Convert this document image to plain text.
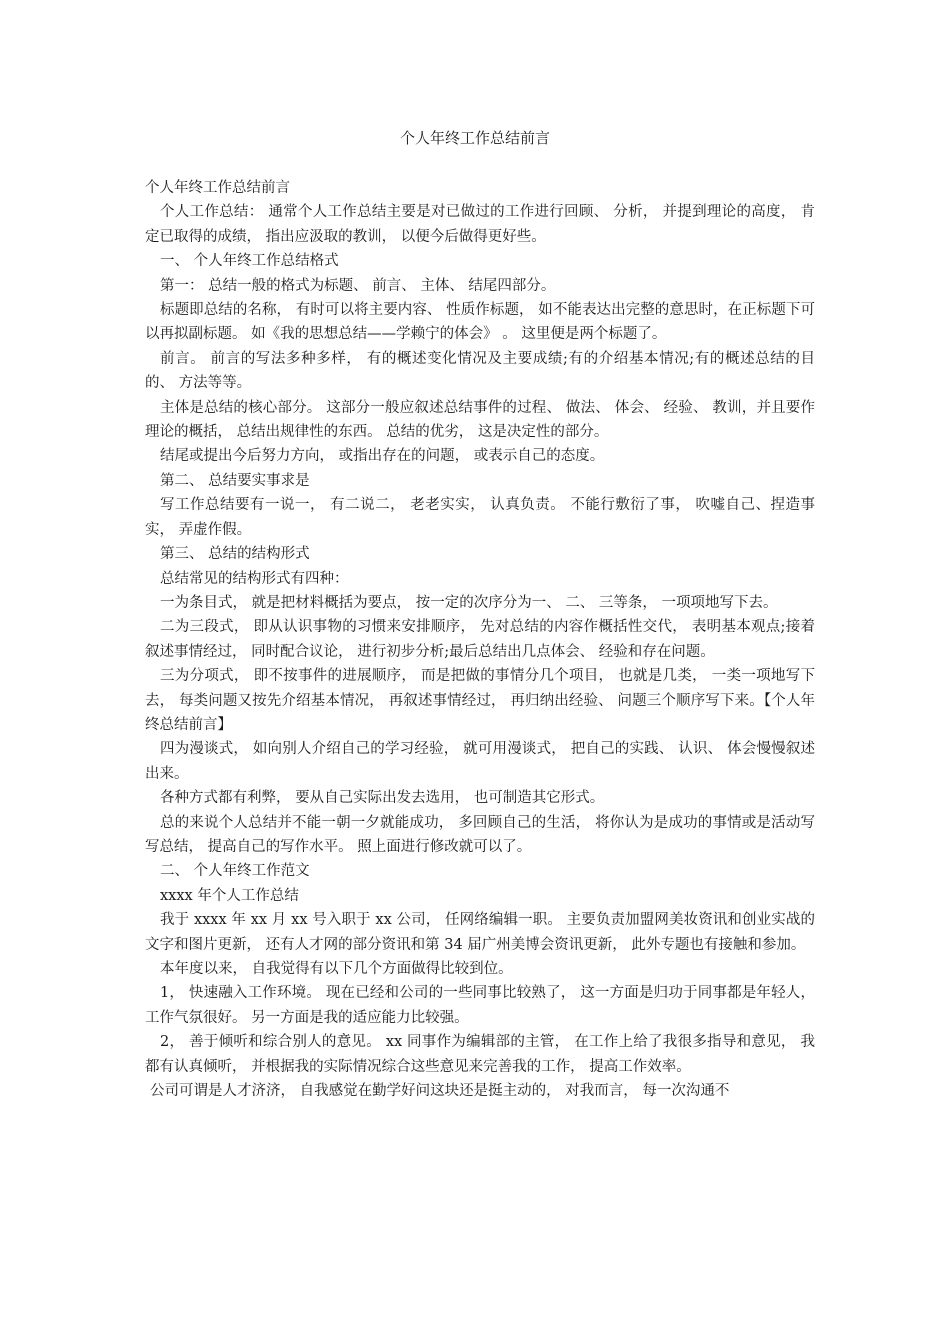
个人年终工作总结前言

个人年终工作总结前言

个人工作总结： 通常个人工作总结主要是对已做过的工作进行回顾、 分析， 并提到理论的高度， 肯定已取得的成绩， 指出应汲取的教训， 以便今后做得更好些。

一、 个人年终工作总结格式

第一： 总结一般的格式为标题、 前言、 主体、 结尾四部分。

标题即总结的名称， 有时可以将主要内容、 性质作标题， 如不能表达出完整的意思时，在正标题下可以再拟副标题。 如《我的思想总结——学赖宁的体会》 。 这里便是两个标题了。

前言。 前言的写法多种多样， 有的概述变化情况及主要成绩;有的介绍基本情况;有的概述总结的目的、 方法等等。

主体是总结的核心部分。 这部分一般应叙述总结事件的过程、 做法、 体会、 经验、 教训，并且要作理论的概括， 总结出规律性的东西。 总结的优劣， 这是决定性的部分。

结尾或提出今后努力方向， 或指出存在的问题， 或表示自己的态度。

第二、 总结要实事求是

写工作总结要有一说一， 有二说二， 老老实实， 认真负责。 不能行敷衍了事， 吹嘘自己、捏造事实， 弄虚作假。

第三、 总结的结构形式

总结常见的结构形式有四种：

一为条目式， 就是把材料概括为要点， 按一定的次序分为一、 二、 三等条， 一项项地写下去。

二为三段式， 即从认识事物的习惯来安排顺序， 先对总结的内容作概括性交代， 表明基本观点;接着叙述事情经过， 同时配合议论， 进行初步分析;最后总结出几点体会、 经验和存在问题。

三为分项式， 即不按事件的进展顺序， 而是把做的事情分几个项目， 也就是几类， 一类一项地写下去， 每类问题又按先介绍基本情况， 再叙述事情经过， 再归纳出经验、 问题三个顺序写下来。【个人年终总结前言】

四为漫谈式， 如向别人介绍自己的学习经验， 就可用漫谈式， 把自己的实践、 认识、 体会慢慢叙述出来。

各种方式都有利弊， 要从自己实际出发去选用， 也可制造其它形式。

总的来说个人总结并不能一朝一夕就能成功， 多回顾自己的生活， 将你认为是成功的事情或是活动写写总结， 提高自己的写作水平。 照上面进行修改就可以了。

二、 个人年终工作范文

xxxx 年个人工作总结

我于 xxxx 年 xx 月 xx 号入职于 xx 公司， 任网络编辑一职。 主要负责加盟网美妆资讯和创业实战的文字和图片更新， 还有人才网的部分资讯和第 34 届广州美博会资讯更新， 此外专题也有接触和参加。

本年度以来， 自我觉得有以下几个方面做得比较到位。

1， 快速融入工作环境。 现在已经和公司的一些同事比较熟了， 这一方面是归功于同事都是年轻人， 工作气氛很好。 另一方面是我的适应能力比较强。

2， 善于倾听和综合别人的意见。 xx 同事作为编辑部的主管， 在工作上给了我很多指导和意见， 我都有认真倾听， 并根据我的实际情况综合这些意见来完善我的工作， 提高工作效率。

公司可谓是人才济济， 自我感觉在勤学好问这块还是挺主动的， 对我而言， 每一次沟通不
